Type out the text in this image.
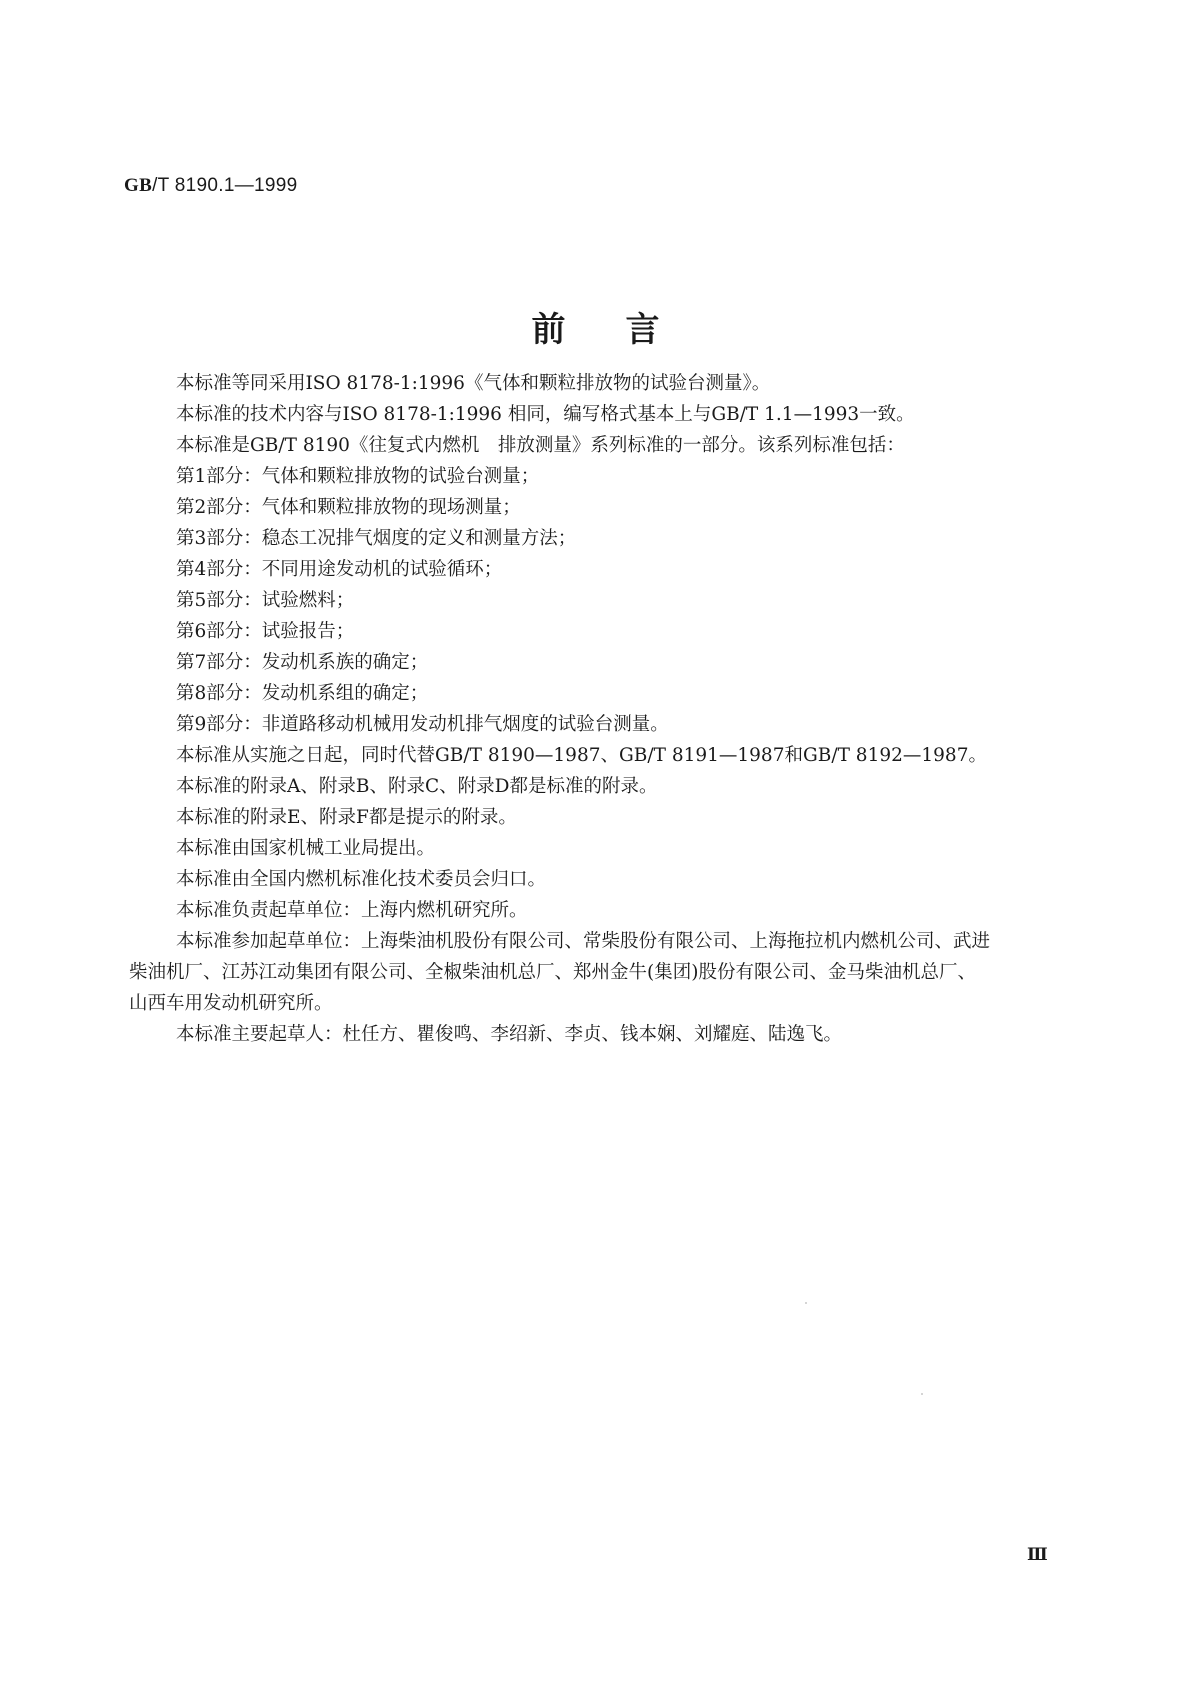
GB/T 8190.1—1999
前言

本标准等同采用ISO 8178-1:1996《气体和颗粒排放物的试验台测量》。

本标准的技术内容与ISO 8178-1:1996 相同，编写格式基本上与GB/T 1.1—1993一致。

本标准是GB/T 8190《往复式内燃机　排放测量》系列标准的一部分。该系列标准包括：

第1部分：气体和颗粒排放物的试验台测量；

第2部分：气体和颗粒排放物的现场测量；

第3部分：稳态工况排气烟度的定义和测量方法；

第4部分：不同用途发动机的试验循环；

第5部分：试验燃料；

第6部分：试验报告；

第7部分：发动机系族的确定；

第8部分：发动机系组的确定；

第9部分：非道路移动机械用发动机排气烟度的试验台测量。

本标准从实施之日起，同时代替GB/T 8190—1987、GB/T 8191—1987和GB/T 8192—1987。

本标准的附录A、附录B、附录C、附录D都是标准的附录。

本标准的附录E、附录F都是提示的附录。

本标准由国家机械工业局提出。

本标准由全国内燃机标准化技术委员会归口。

本标准负责起草单位：上海内燃机研究所。

本标准参加起草单位：上海柴油机股份有限公司、常柴股份有限公司、上海拖拉机内燃机公司、武进

柴油机厂、江苏江动集团有限公司、全椒柴油机总厂、郑州金牛(集团)股份有限公司、金马柴油机总厂、

山西车用发动机研究所。

本标准主要起草人：杜任方、瞿俊鸣、李绍新、李贞、钱本娴、刘耀庭、陆逸飞。

Ⅲ
